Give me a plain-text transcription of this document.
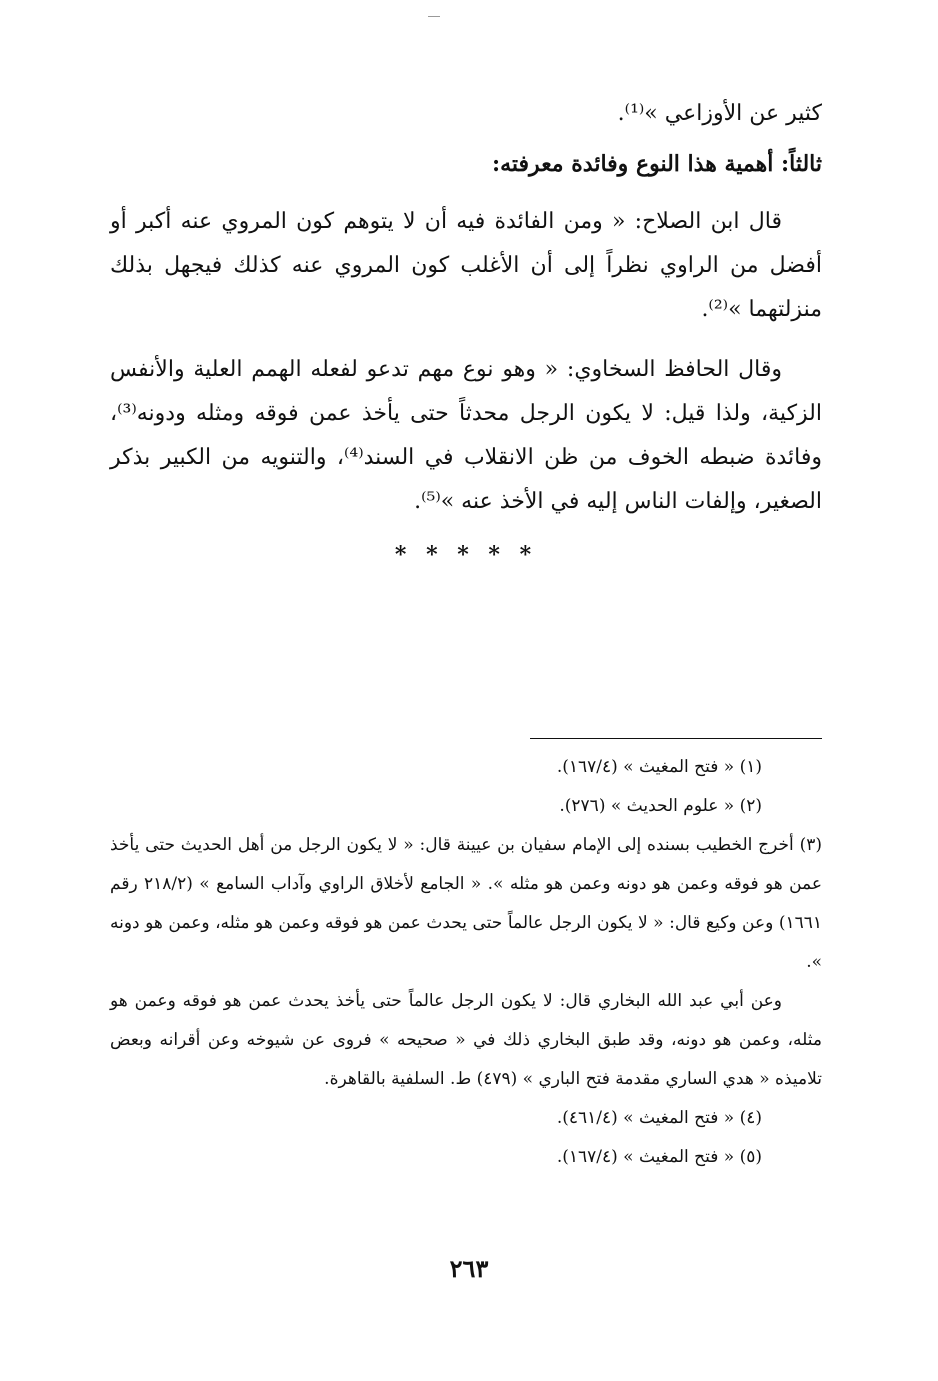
كثير عن الأوزاعي »⁽¹⁾.

ثالثاً: أهمية هذا النوع وفائدة معرفته:

قال ابن الصلاح: « ومن الفائدة فيه أن لا يتوهم كون المروي عنه أكبر أو أفضل من الراوي نظراً إلى أن الأغلب كون المروي عنه كذلك فيجهل بذلك منزلتهما »⁽²⁾.

وقال الحافظ السخاوي: « وهو نوع مهم تدعو لفعله الهمم العلية والأنفس الزكية، ولذا قيل: لا يكون الرجل محدثاً حتى يأخذ عمن فوقه ومثله ودونه⁽³⁾، وفائدة ضبطه الخوف من ظن الانقلاب في السند⁽⁴⁾، والتنويه من الكبير بذكر الصغير، وإلفات الناس إليه في الأخذ عنه »⁽⁵⁾.

* * * * *

(١) « فتح المغيث » (١٦٧/٤).

(٢) « علوم الحديث » (٢٧٦).

(٣) أخرج الخطيب بسنده إلى الإمام سفيان بن عيينة قال: « لا يكون الرجل من أهل الحديث حتى يأخذ عمن هو فوقه وعمن هو دونه وعمن هو مثله ». « الجامع لأخلاق الراوي وآداب السامع » (٢١٨/٢ رقم ١٦٦١) وعن وكيع قال: « لا يكون الرجل عالماً حتى يحدث عمن هو فوقه وعمن هو مثله، وعمن هو دونه ».

وعن أبي عبد الله البخاري قال: لا يكون الرجل عالماً حتى يأخذ يحدث عمن هو فوقه وعمن هو مثله، وعمن هو دونه، وقد طبق البخاري ذلك في « صحيحه » فروى عن شيوخه وعن أقرانه وبعض تلاميذه « هدي الساري مقدمة فتح الباري » (٤٧٩) ط. السلفية بالقاهرة.

(٤) « فتح المغيث » (٤٦١/٤).

(٥) « فتح المغيث » (١٦٧/٤).

٢٦٣
